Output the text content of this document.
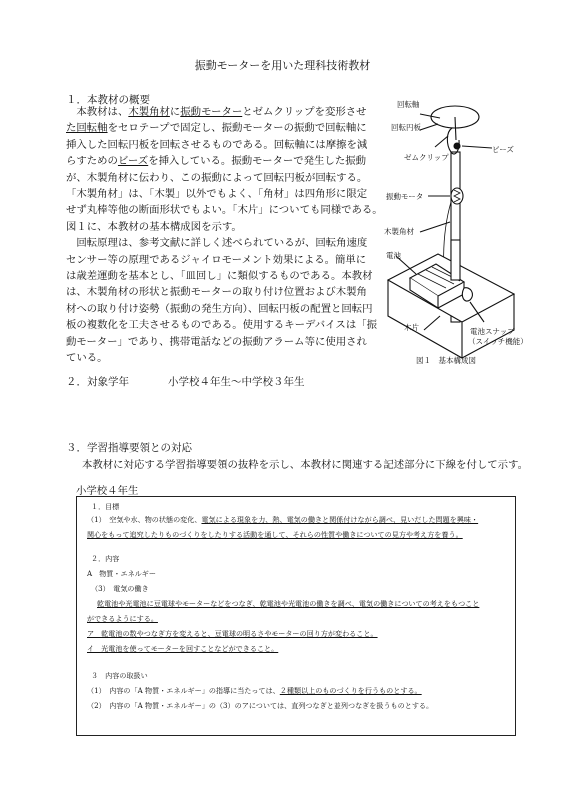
振動モーターを用いた理科技術教材
１．本教材の概要

　本教材は、木製角材に振動モーターとゼムクリップを変形させ

た回転軸をセロテープで固定し、振動モーターの振動で回転軸に

挿入した回転円板を回転させるものである。回転軸には摩擦を減

らすためのビーズを挿入している。振動モーターで発生した振動

が、木製角材に伝わり、この振動によって回転円板が回転する。

「木製角材」は、「木製」以外でもよく、「角材」は四角形に限定

せず丸棒等他の断面形状でもよい。「木片」についても同様である。

図１に、本教材の基本構成図を示す。

　回転原理は、参考文献に詳しく述べられているが、回転角速度

センサー等の原理であるジャイロモーメント効果による。簡単に

は歳差運動を基本とし、「皿回し」に類似するものである。本教材

は、木製角材の形状と振動モーターの取り付け位置および木製角

材への取り付け姿勢（振動の発生方向）、回転円板の配置と回転円

板の複数化を工夫させるものである。使用するキーデバイスは「振

動モーター」であり、携帯電話などの振動アラーム等に使用され

ている。

回転軸
回転円板
ゼムクリップ
ビーズ
振動モータ
木製角材
電池
木片	電池スナップ
（スイッチ機能）
図１　基本構成図
２．対象学年	小学校４年生〜中学校３年生
３．学習指導要領との対応
本教材に対応する学習指導要領の抜粋を示し、本教材に関連する記述部分に下線を付して示す。
小学校４年生
１．目標
（1）　空気や水、物の状態の変化、電気による現象を力、熱、電気の働きと関係付けながら調べ、見いだした問題を興味・
関心をもって追究したりものづくりをしたりする活動を通して、それらの性質や働きについての見方や考え方を養う。
２．内容
A　物質・エネルギー
（3）　電気の働き
乾電池や光電池に豆電球やモーターなどをつなぎ、乾電池や光電池の働きを調べ、電気の働きについての考えをもつこと
ができるようにする。
ア　乾電池の数やつなぎ方を変えると、豆電球の明るさやモーターの回り方が変わること。
イ　光電池を使ってモーターを回すことなどができること。
３　内容の取扱い
（1）　内容の「A 物質・エネルギー」の指導に当たっては、２種類以上のものづくりを行うものとする。
（2）　内容の「A 物質・エネルギー」の（3）のアについては、直列つなぎと並列つなぎを扱うものとする。
